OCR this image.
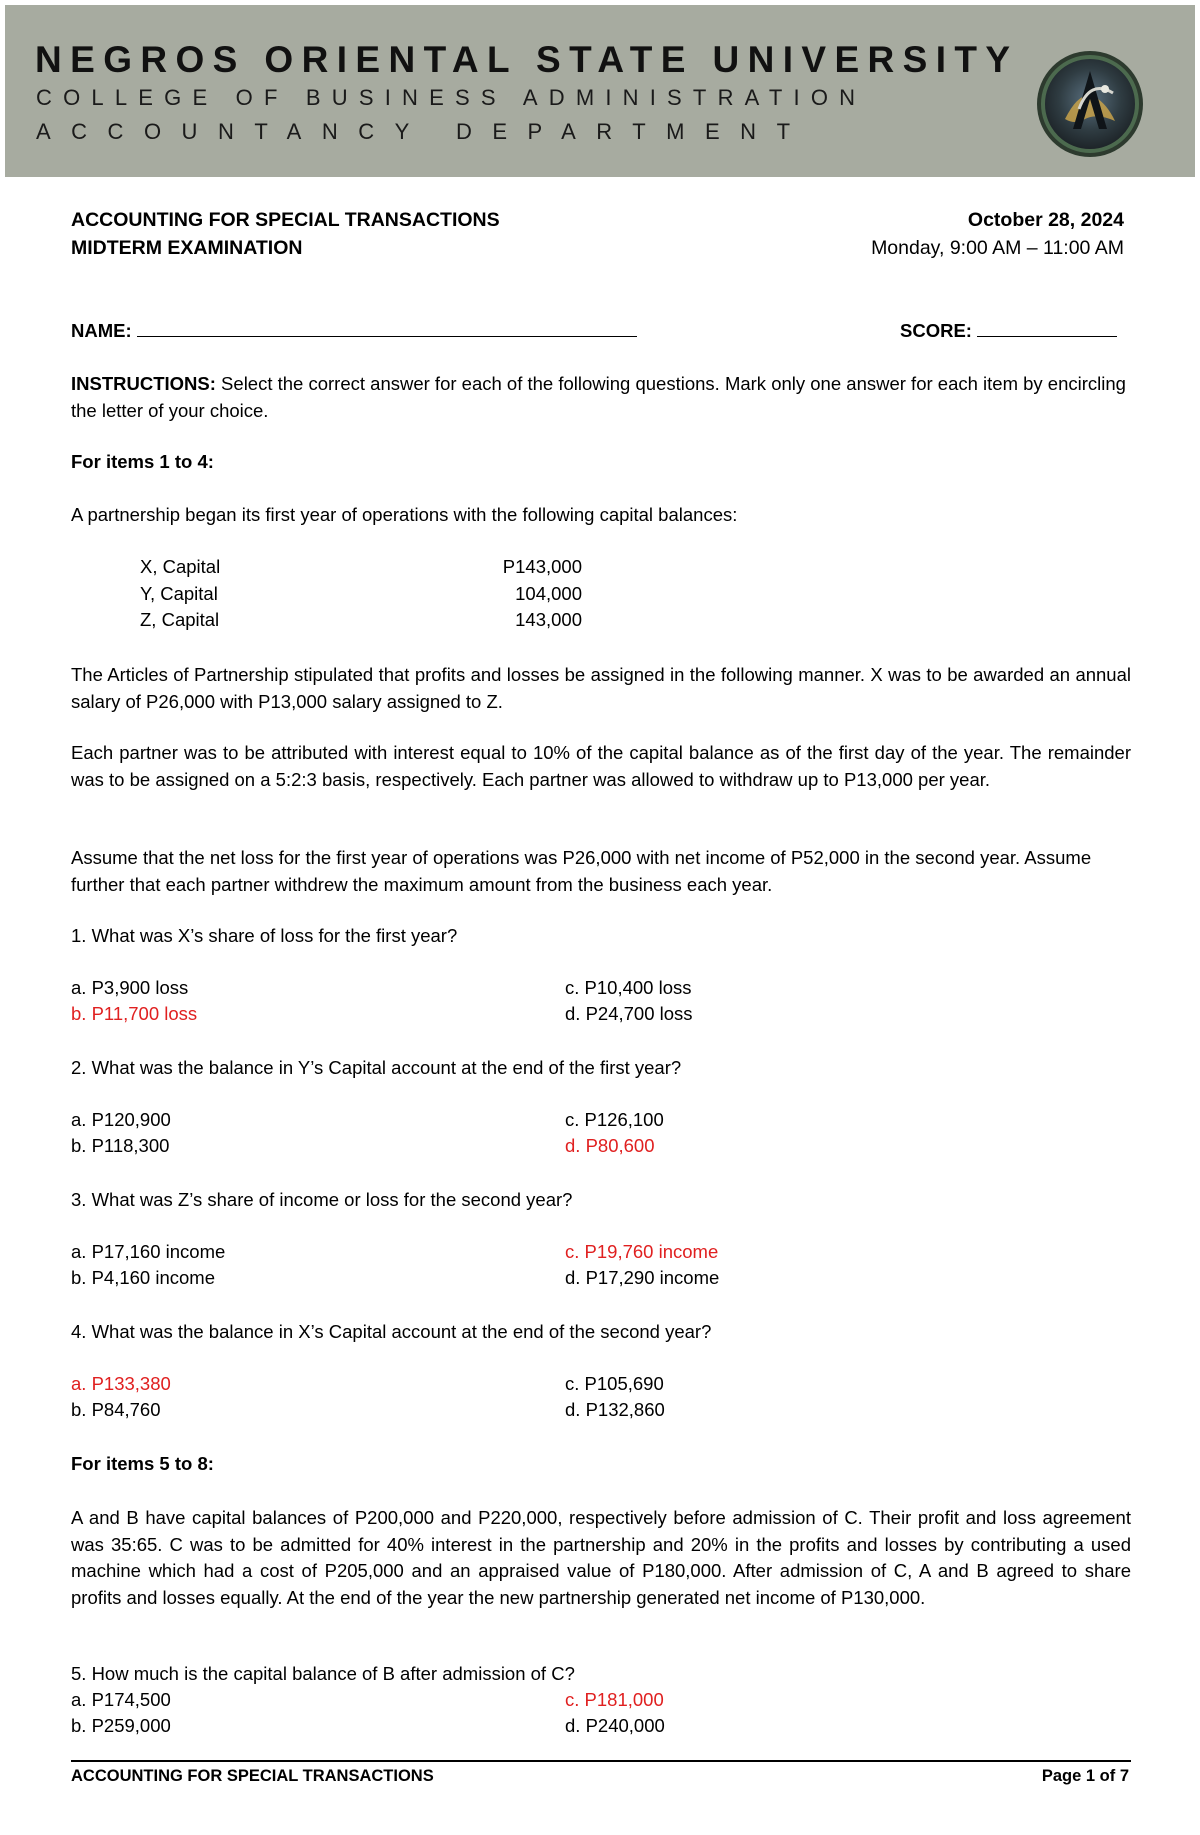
NEGROS ORIENTAL STATE UNIVERSITY
COLLEGE OF BUSINESS ADMINISTRATION
ACCOUNTANCY DEPARTMENT
ACCOUNTING FOR SPECIAL TRANSACTIONS
MIDTERM EXAMINATION
October 28, 2024
Monday, 9:00 AM – 11:00 AM
NAME:	SCORE:

INSTRUCTIONS: Select the correct answer for each of the following questions. Mark only one answer for each item by encircling the letter of your choice.

For items 1 to 4:
A partnership began its first year of operations with the following capital balances:
X, Capital	P143,000
Y, Capital	104,000
Z, Capital	143,000

The Articles of Partnership stipulated that profits and losses be assigned in the following manner. X was to be awarded an annual salary of P26,000 with P13,000 salary assigned to Z.

Each partner was to be attributed with interest equal to 10% of the capital balance as of the first day of the year. The remainder was to be assigned on a 5:2:3 basis, respectively. Each partner was allowed to withdraw up to P13,000 per year.

Assume that the net loss for the first year of operations was P26,000 with net income of P52,000 in the second year. Assume further that each partner withdrew the maximum amount from the business each year.

1. What was X’s share of loss for the first year?
a. P3,900 loss
b. P11,700 loss
c. P10,400 loss
d. P24,700 loss
2. What was the balance in Y’s Capital account at the end of the first year?
a. P120,900
b. P118,300
c. P126,100
d. P80,600
3. What was Z’s share of income or loss for the second year?
a. P17,160 income
b. P4,160 income
c. P19,760 income
d. P17,290 income
4. What was the balance in X’s Capital account at the end of the second year?
a. P133,380
b. P84,760
c. P105,690
d. P132,860
For items 5 to 8:

A and B have capital balances of P200,000 and P220,000, respectively before admission of C. Their profit and loss agreement was 35:65. C was to be admitted for 40% interest in the partnership and 20% in the profits and losses by contributing a used machine which had a cost of P205,000 and an appraised value of P180,000. After admission of C, A and B agreed to share profits and losses equally. At the end of the year the new partnership generated net income of P130,000.

5. How much is the capital balance of B after admission of C?
a. P174,500
b. P259,000
c. P181,000
d. P240,000
ACCOUNTING FOR SPECIAL TRANSACTIONS	Page 1 of 7
